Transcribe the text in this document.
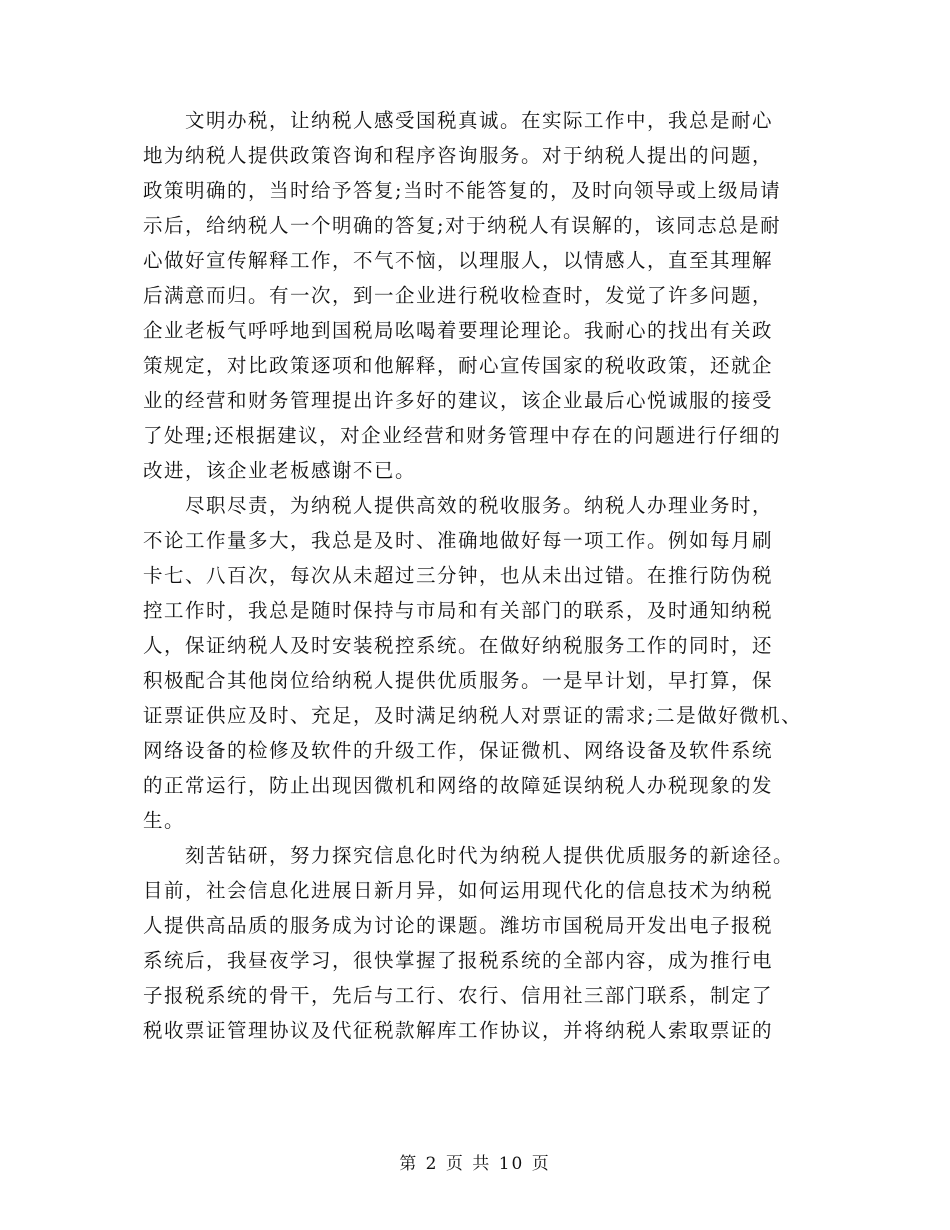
　　文明办税，让纳税人感受国税真诚。在实际工作中，我总是耐心
地为纳税人提供政策咨询和程序咨询服务。对于纳税人提出的问题，
政策明确的，当时给予答复;当时不能答复的，及时向领导或上级局请
示后，给纳税人一个明确的答复;对于纳税人有误解的，该同志总是耐
心做好宣传解释工作，不气不恼，以理服人，以情感人，直至其理解
后满意而归。有一次，到一企业进行税收检查时，发觉了许多问题，
企业老板气呼呼地到国税局吆喝着要理论理论。我耐心的找出有关政
策规定，对比政策逐项和他解释，耐心宣传国家的税收政策，还就企
业的经营和财务管理提出许多好的建议，该企业最后心悦诚服的接受
了处理;还根据建议，对企业经营和财务管理中存在的问题进行仔细的
改进，该企业老板感谢不已。
　　尽职尽责，为纳税人提供高效的税收服务。纳税人办理业务时，
不论工作量多大，我总是及时、准确地做好每一项工作。例如每月刷
卡七、八百次，每次从未超过三分钟，也从未出过错。在推行防伪税
控工作时，我总是随时保持与市局和有关部门的联系，及时通知纳税
人，保证纳税人及时安装税控系统。在做好纳税服务工作的同时，还
积极配合其他岗位给纳税人提供优质服务。一是早计划，早打算，保
证票证供应及时、充足，及时满足纳税人对票证的需求;二是做好微机、
网络设备的检修及软件的升级工作，保证微机、网络设备及软件系统
的正常运行，防止出现因微机和网络的故障延误纳税人办税现象的发
生。
　　刻苦钻研，努力探究信息化时代为纳税人提供优质服务的新途径。
目前，社会信息化进展日新月异，如何运用现代化的信息技术为纳税
人提供高品质的服务成为讨论的课题。潍坊市国税局开发出电子报税
系统后，我昼夜学习，很快掌握了报税系统的全部内容，成为推行电
子报税系统的骨干，先后与工行、农行、信用社三部门联系，制定了
税收票证管理协议及代征税款解库工作协议，并将纳税人索取票证的
第 2 页 共 10 页
